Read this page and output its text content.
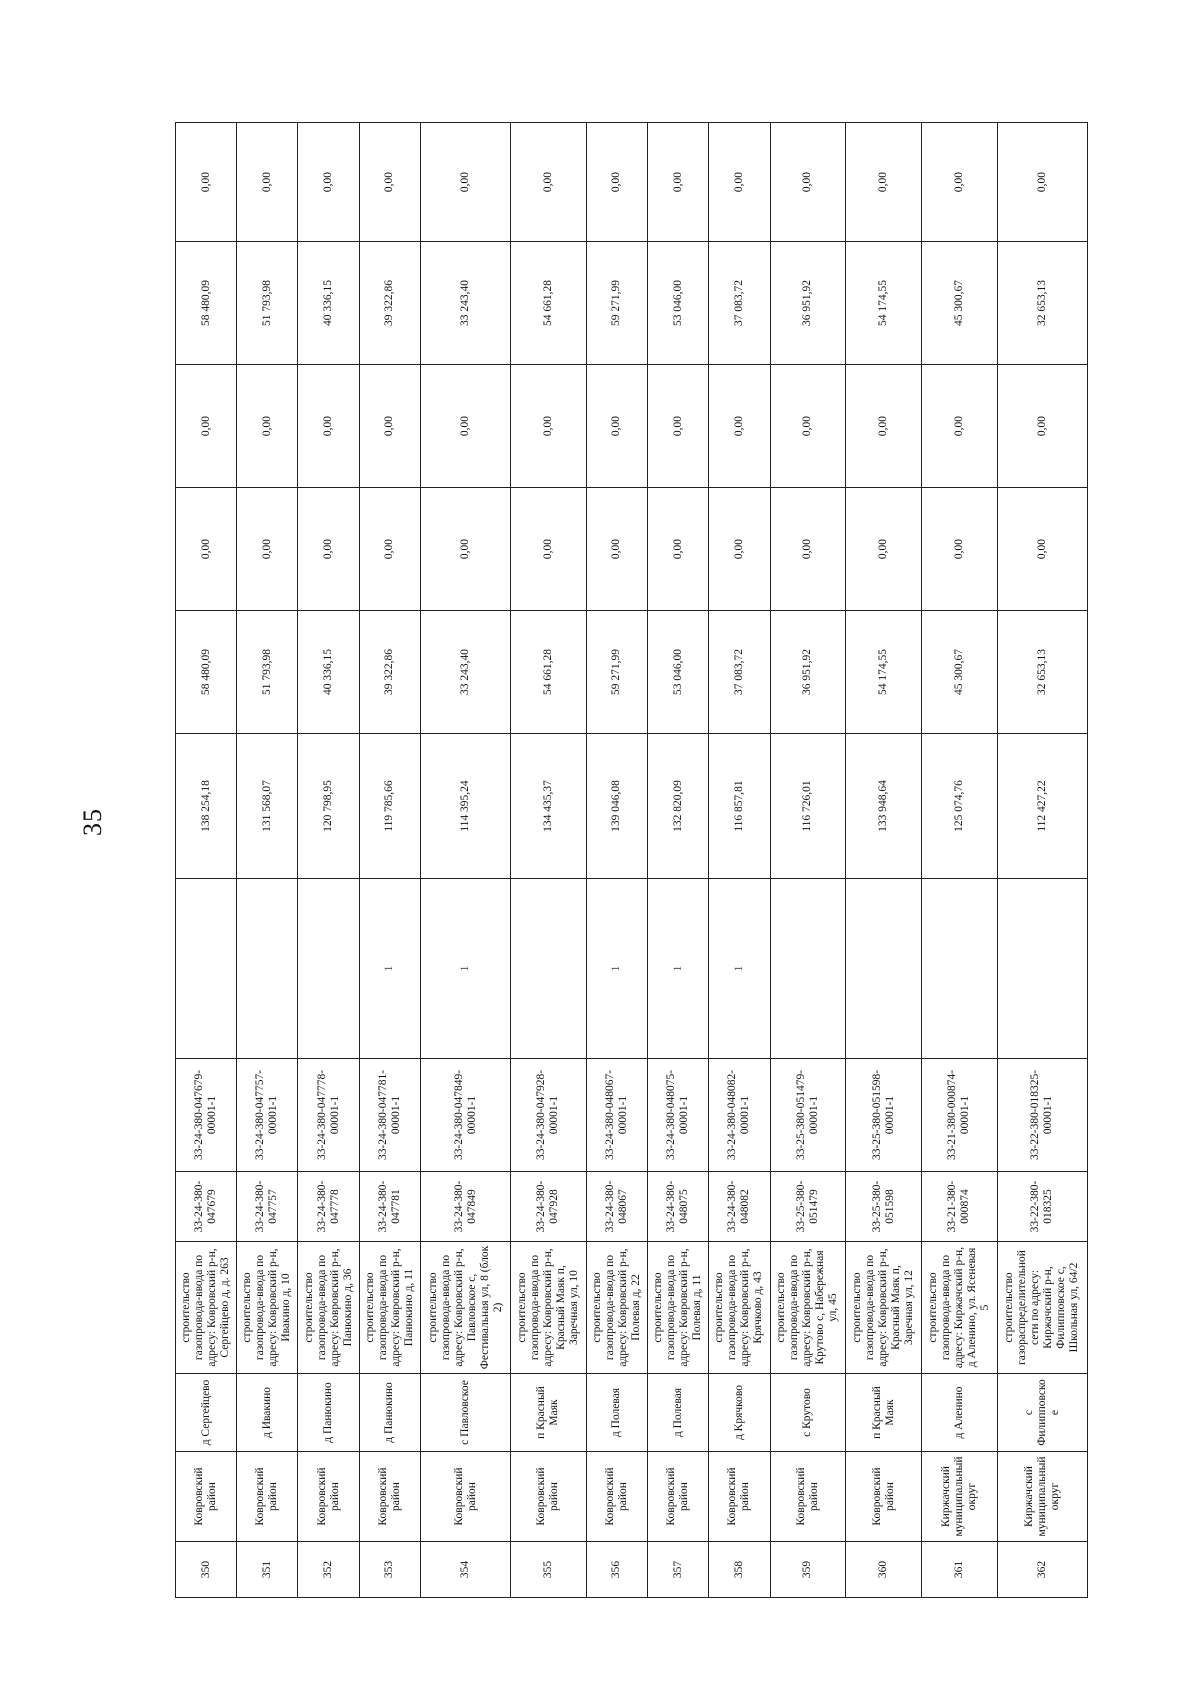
35
350	Ковровский район	д Сергейцево	строительство газопровода-ввода по адресу: Ковровский р-н, Сергейцево д, д. 263	33-24-380-047679	33-24-380-047679-00001-1		138 254,18	58 480,09	0,00	0,00	58 480,09	0,00
351	Ковровский район	д Ивакино	строительство газопровода-ввода по адресу: Ковровский р-н, Ивакино д, 10	33-24-380-047757	33-24-380-047757-00001-1		131 568,07	51 793,98	0,00	0,00	51 793,98	0,00
352	Ковровский район	д Панюкино	строительство газопровода-ввода по адресу: Ковровский р-н, Панюкино д, 36	33-24-380-047778	33-24-380-047778-00001-1		120 798,95	40 336,15	0,00	0,00	40 336,15	0,00
353	Ковровский район	д Панюкино	строительство газопровода-ввода по адресу: Ковровский р-н, Панюкино д, 11	33-24-380-047781	33-24-380-047781-00001-1	1	119 785,66	39 322,86	0,00	0,00	39 322,86	0,00
354	Ковровский район	с Павловское	строительство газопровода-ввода по адресу: Ковровский р-н, Павловское с, Фестивальная ул, 8 (блок 2)	33-24-380-047849	33-24-380-047849-00001-1	1	114 395,24	33 243,40	0,00	0,00	33 243,40	0,00
355	Ковровский район	п Красный Маяк	строительство газопровода-ввода по адресу: Ковровский р-н, Красный Маяк п, Заречная ул, 10	33-24-380-047928	33-24-380-047928-00001-1		134 435,37	54 661,28	0,00	0,00	54 661,28	0,00
356	Ковровский район	д Полевая	строительство газопровода-ввода по адресу: Ковровский р-н, Полевая д, 22	33-24-380-048067	33-24-380-048067-00001-1	1	139 046,08	59 271,99	0,00	0,00	59 271,99	0,00
357	Ковровский район	д Полевая	строительство газопровода-ввода по адресу: Ковровский р-н, Полевая д, 11	33-24-380-048075	33-24-380-048075-00001-1	1	132 820,09	53 046,00	0,00	0,00	53 046,00	0,00
358	Ковровский район	д Крячково	строительство газопровода-ввода по адресу: Ковровский р-н, Крячково д, 43	33-24-380-048082	33-24-380-048082-00001-1	1	116 857,81	37 083,72	0,00	0,00	37 083,72	0,00
359	Ковровский район	с Крутово	строительство газопровода-ввода по адресу: Ковровский р-н, Крутово с, Набережная ул, 45	33-25-380-051479	33-25-380-051479-00001-1		116 726,01	36 951,92	0,00	0,00	36 951,92	0,00
360	Ковровский район	п Красный Маяк	строительство газопровода-ввода по адресу: Ковровский р-н, Красный Маяк п, Заречная ул, 12	33-25-380-051598	33-25-380-051598-00001-1		133 948,64	54 174,55	0,00	0,00	54 174,55	0,00
361	Киржачский муниципальный округ	д Аленино	строительство газопровода-ввода по адресу: Киржачский р-н, д Аленино, ул. Ясеневая 5	33-21-380-000874	33-21-380-000874-00001-1		125 074,76	45 300,67	0,00	0,00	45 300,67	0,00
362	Киржачский муниципальный округ	с Филипповское	строительство газораспределительной сети по адресу: Киржачский р-н, Филипповское с, Школьная ул, 64/2	33-22-380-018325	33-22-380-018325-00001-1		112 427,22	32 653,13	0,00	0,00	32 653,13	0,00
